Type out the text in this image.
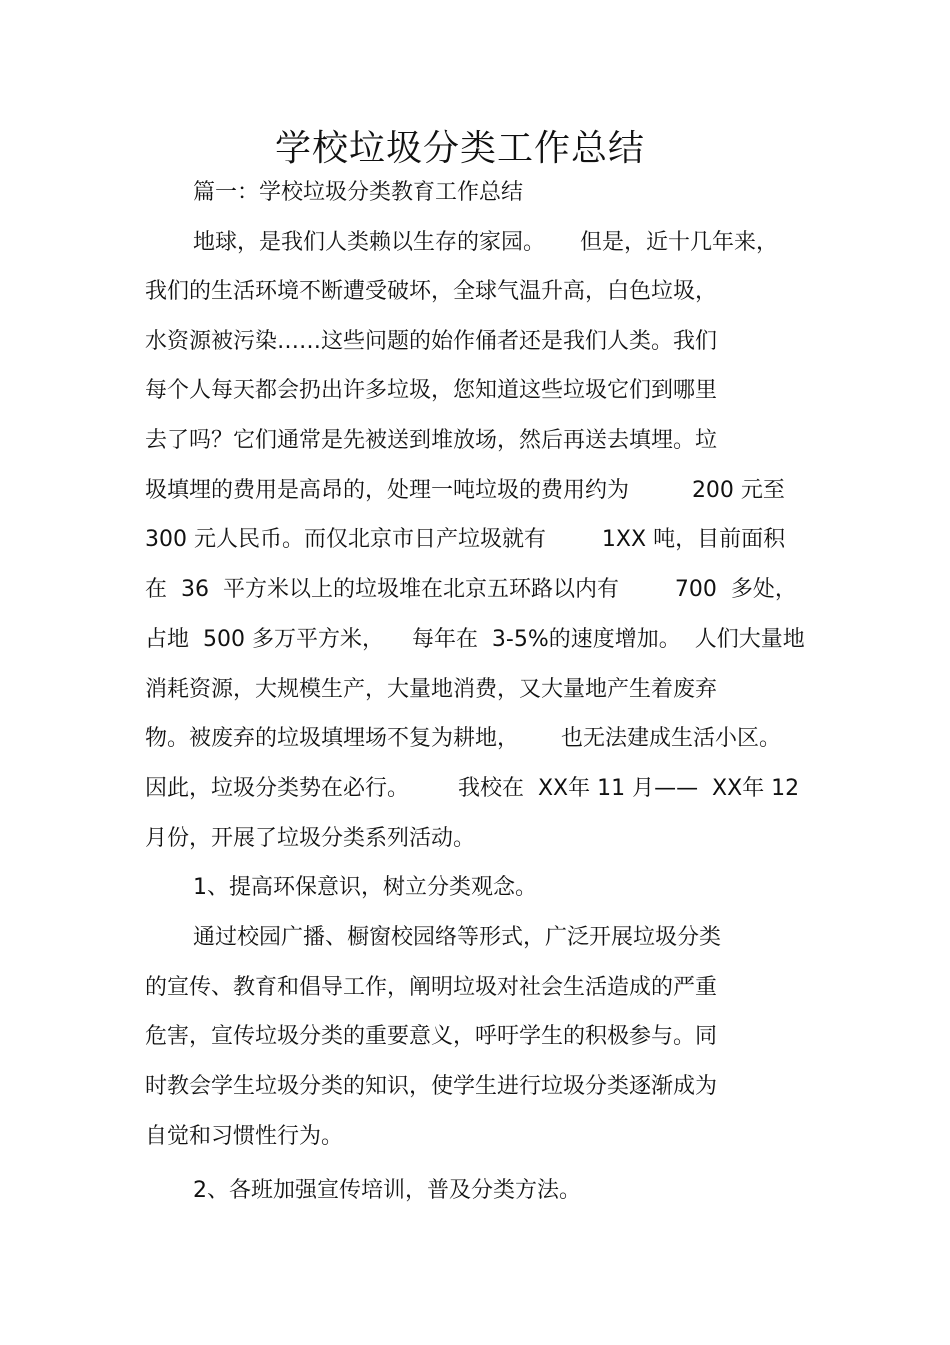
学校垃圾分类工作总结
篇一：学校垃圾分类教育工作总结
地球，是我们人类赖以生存的家园。     但是，近十几年来，
我们的生活环境不断遭受破坏，全球气温升高，白色垃圾，
水资源被污染……这些问题的始作俑者还是我们人类。我们
每个人每天都会扔出许多垃圾，您知道这些垃圾它们到哪里
去了吗？它们通常是先被送到堆放场，然后再送去填埋。垃
圾填埋的费用是高昂的，处理一吨垃圾的费用约为         200 元至
300 元人民币。而仅北京市日产垃圾就有        1XX 吨，目前面积
在  36  平方米以上的垃圾堆在北京五环路以内有        700  多处，
占地  500 多万平方米，    每年在  3-5%的速度增加。  人们大量地
消耗资源，大规模生产，大量地消费，又大量地产生着废弃
物。被废弃的垃圾填埋场不复为耕地，      也无法建成生活小区。
因此，垃圾分类势在必行。       我校在  XX年 11 月——  XX年 12
月份，开展了垃圾分类系列活动。
1、提高环保意识，树立分类观念。
通过校园广播、橱窗校园络等形式，广泛开展垃圾分类
的宣传、教育和倡导工作，阐明垃圾对社会生活造成的严重
危害，宣传垃圾分类的重要意义，呼吁学生的积极参与。同
时教会学生垃圾分类的知识，使学生进行垃圾分类逐渐成为
自觉和习惯性行为。
2、各班加强宣传培训，普及分类方法。
